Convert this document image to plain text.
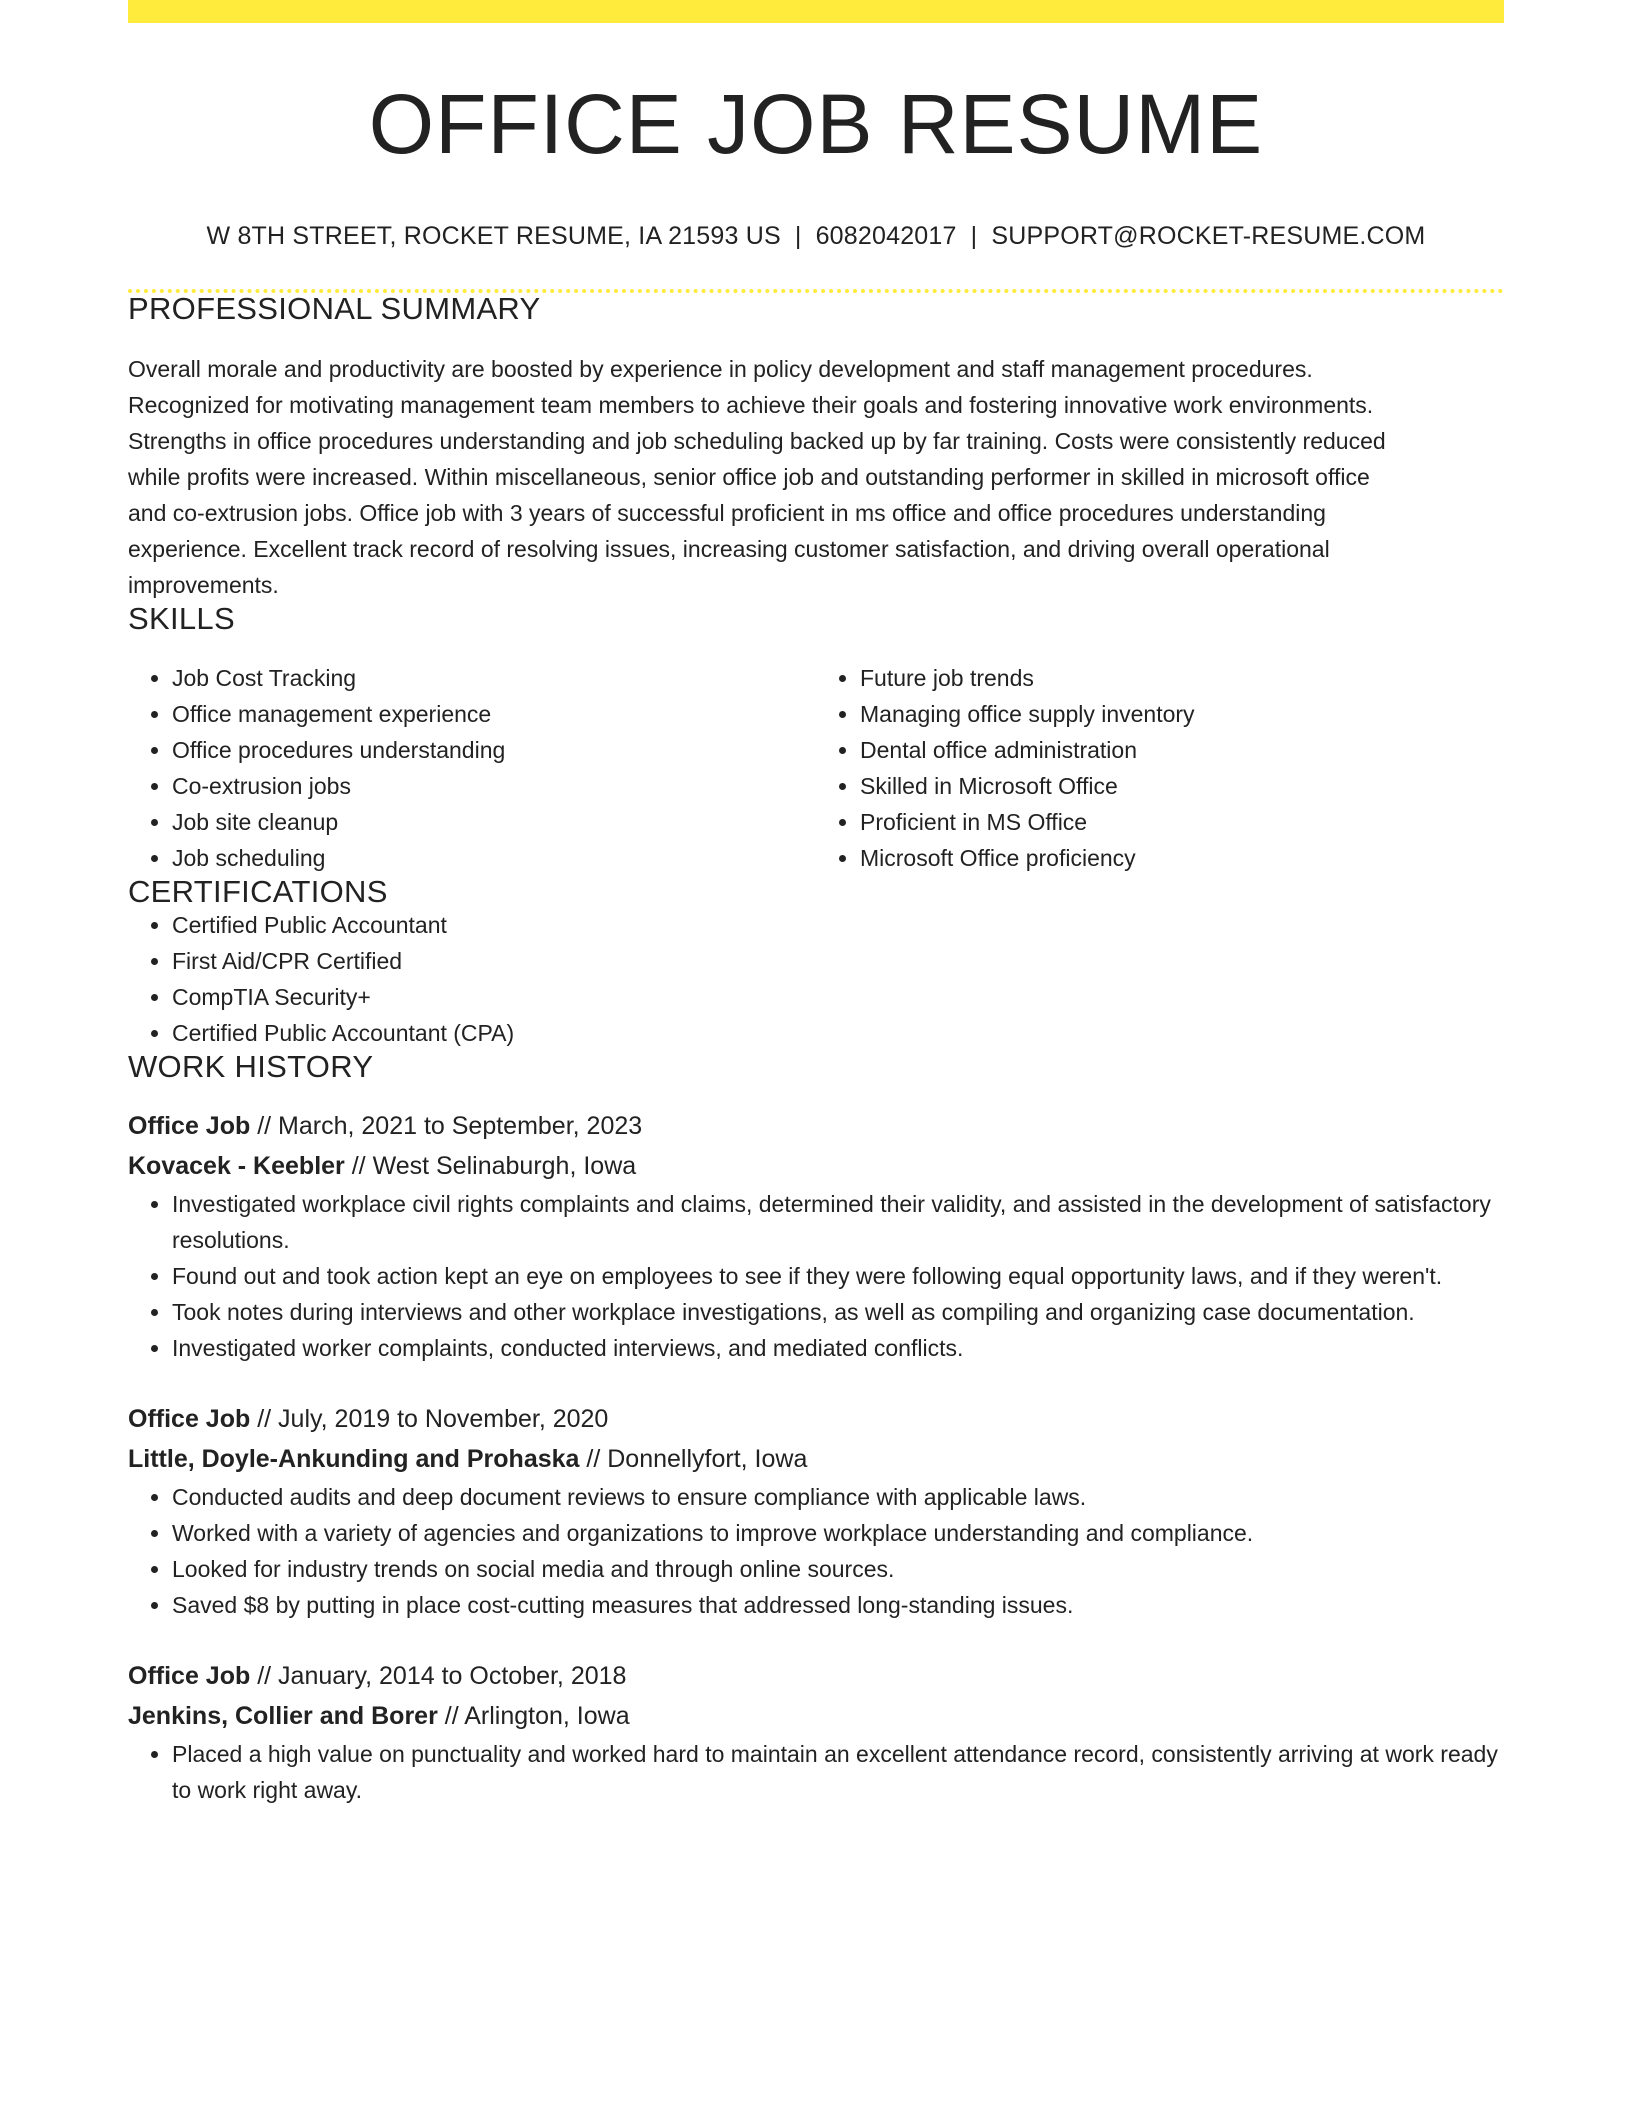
OFFICE JOB RESUME
W 8TH STREET, ROCKET RESUME, IA 21593 US | 6082042017 | SUPPORT@ROCKET-RESUME.COM
PROFESSIONAL SUMMARY
Overall morale and productivity are boosted by experience in policy development and staff management procedures.
Recognized for motivating management team members to achieve their goals and fostering innovative work environments.
Strengths in office procedures understanding and job scheduling backed up by far training. Costs were consistently reduced
while profits were increased. Within miscellaneous, senior office job and outstanding performer in skilled in microsoft office
and co-extrusion jobs. Office job with 3 years of successful proficient in ms office and office procedures understanding
experience. Excellent track record of resolving issues, increasing customer satisfaction, and driving overall operational
improvements.
SKILLS
• Job Cost Tracking
• Office management experience
• Office procedures understanding
• Co-extrusion jobs
• Job site cleanup
• Job scheduling
• Future job trends
• Managing office supply inventory
• Dental office administration
• Skilled in Microsoft Office
• Proficient in MS Office
• Microsoft Office proficiency
CERTIFICATIONS
• Certified Public Accountant
• First Aid/CPR Certified
• CompTIA Security+
• Certified Public Accountant (CPA)
WORK HISTORY
Office Job // March, 2021 to September, 2023
Kovacek - Keebler // West Selinaburgh, Iowa
• Investigated workplace civil rights complaints and claims, determined their validity, and assisted in the development of satisfactory resolutions.
• Found out and took action kept an eye on employees to see if they were following equal opportunity laws, and if they weren't.
• Took notes during interviews and other workplace investigations, as well as compiling and organizing case documentation.
• Investigated worker complaints, conducted interviews, and mediated conflicts.
Office Job // July, 2019 to November, 2020
Little, Doyle-Ankunding and Prohaska // Donnellyfort, Iowa
• Conducted audits and deep document reviews to ensure compliance with applicable laws.
• Worked with a variety of agencies and organizations to improve workplace understanding and compliance.
• Looked for industry trends on social media and through online sources.
• Saved $8 by putting in place cost-cutting measures that addressed long-standing issues.
Office Job // January, 2014 to October, 2018
Jenkins, Collier and Borer // Arlington, Iowa
• Placed a high value on punctuality and worked hard to maintain an excellent attendance record, consistently arriving at work ready to work right away.
